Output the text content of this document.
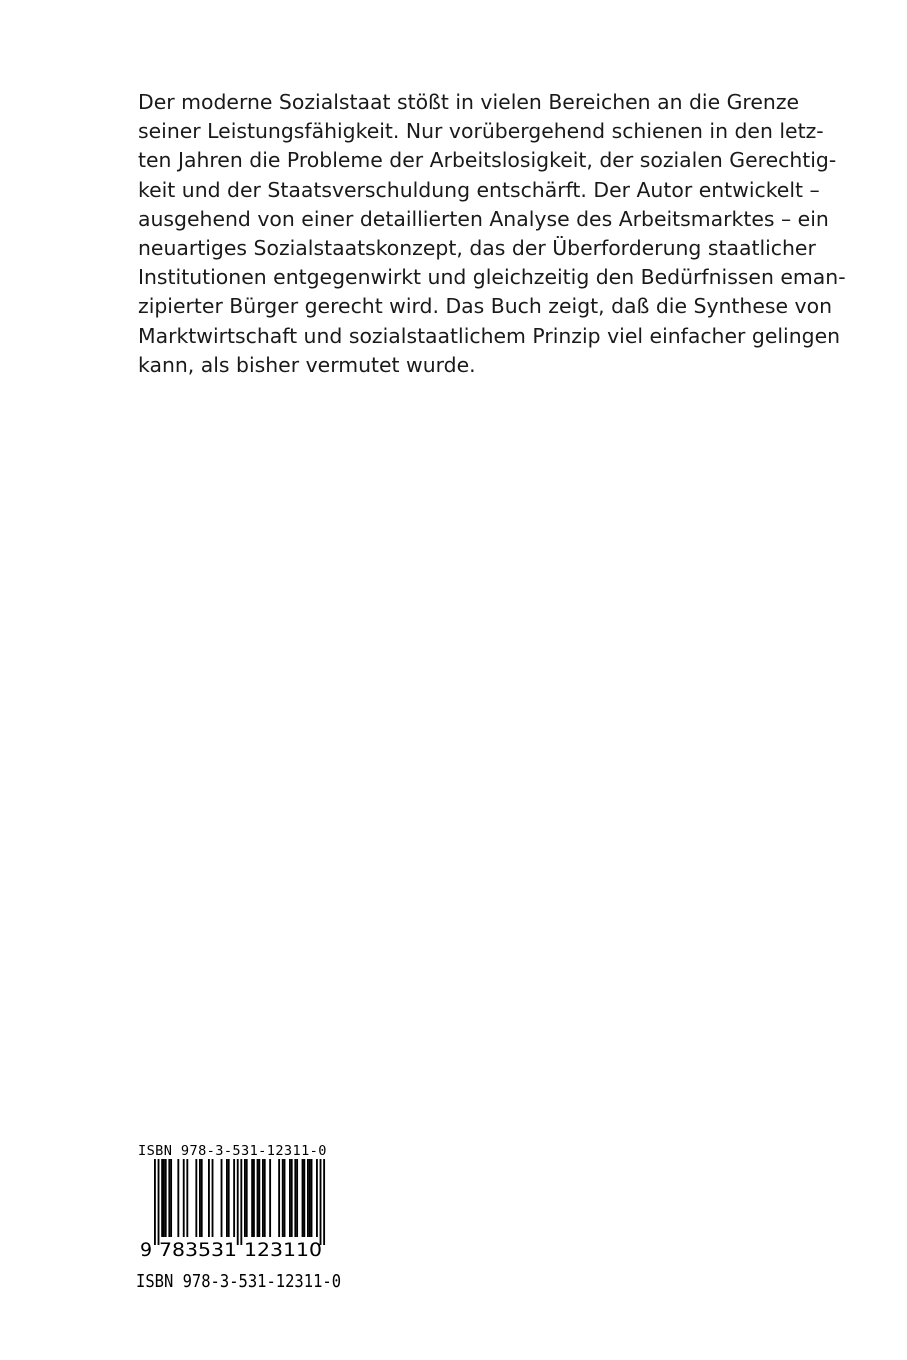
Der moderne Sozialstaat stößt in vielen Bereichen an die Grenze
seiner Leistungsfähigkeit. Nur vorübergehend schienen in den letz-
ten Jahren die Probleme der Arbeitslosigkeit, der sozialen Gerechtig-
keit und der Staatsverschuldung entschärft. Der Autor entwickelt –
ausgehend von einer detaillierten Analyse des Arbeitsmarktes – ein
neuartiges Sozialstaatskonzept, das der Überforderung staatlicher
Institutionen entgegenwirkt und gleichzeitig den Bedürfnissen eman-
zipierter Bürger gerecht wird. Das Buch zeigt, daß die Synthese von
Marktwirtschaft und sozialstaatlichem Prinzip viel einfacher gelingen
kann, als bisher vermutet wurde.
ISBN 978-3-531-12311-0
9 783531 123110
ISBN 978-3-531-12311-0
